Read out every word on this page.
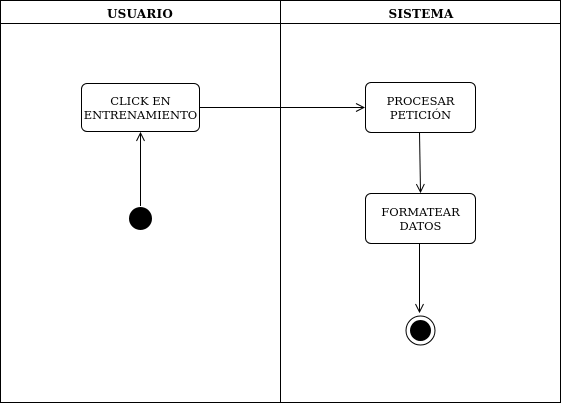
USUARIO	SISTEMA
CLICK EN
ENTRENAMIENTO
PROCESAR
PETICIÓN
FORMATEAR
DATOS
